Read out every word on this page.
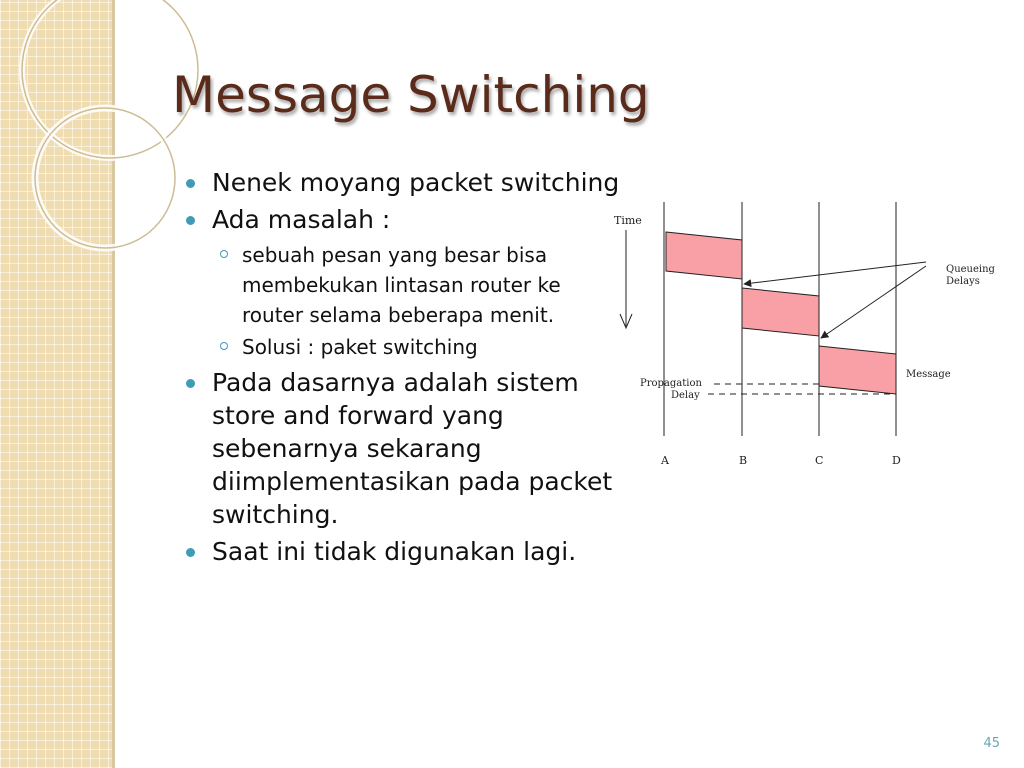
Message Switching
Nenek moyang packet switching
Ada masalah :
sebuah pesan yang besar bisa membekukan lintasan router ke router selama beberapa menit.
Solusi : paket switching
Pada dasarnya adalah sistem store and forward yang sebenarnya sekarang diimplementasikan pada packet switching.
Saat ini tidak digunakan lagi.
Time
Queueing
Delays
Message
Propagation
Delay
A	B	C	D
45
